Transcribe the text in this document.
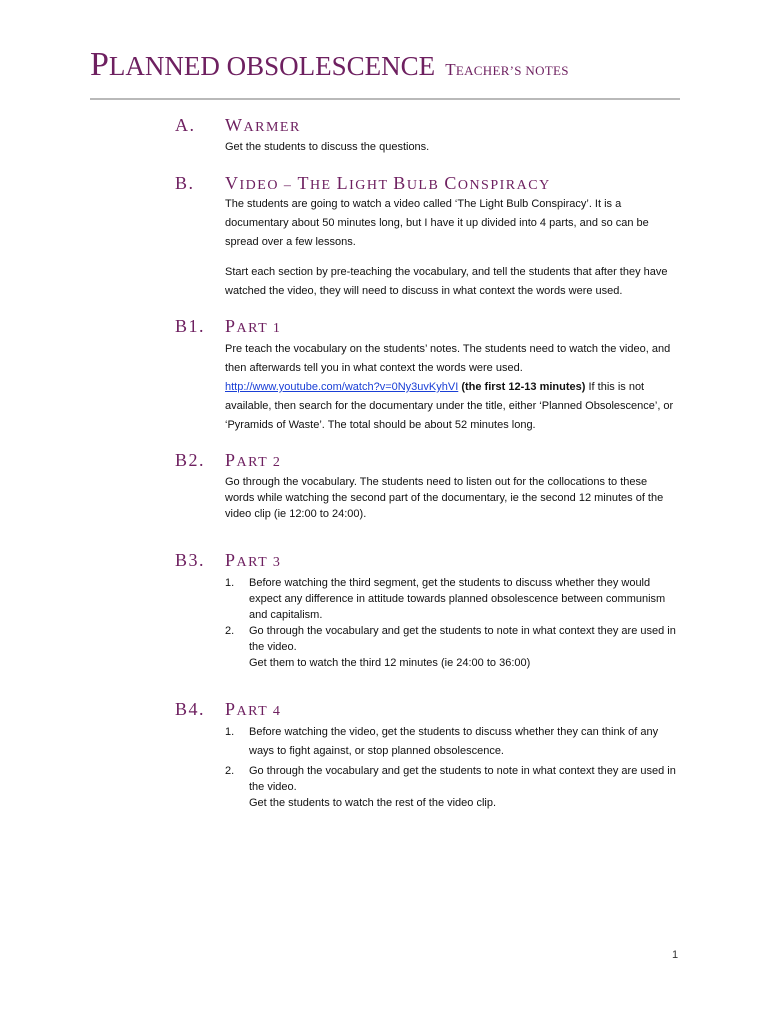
PLANNED OBSOLESCENCE TEACHER’S NOTES
A. WARMER

Get the students to discuss the questions.

B. VIDEO – THE LIGHT BULB CONSPIRACY

The students are going to watch a video called ‘The Light Bulb Conspiracy’. It is a documentary about 50 minutes long, but I have it up divided into 4 parts, and so can be spread over a few lessons.

Start each section by pre-teaching the vocabulary, and tell the students that after they have watched the video, they will need to discuss in what context the words were used.

B1. PART 1

Pre teach the vocabulary on the students’ notes. The students need to watch the video, and then afterwards tell you in what context the words were used. http://www.youtube.com/watch?v=0Ny3uvKyhVI (the first 12-13 minutes) If this is not available, then search for the documentary under the title, either ‘Planned Obsolescence’, or ‘Pyramids of Waste’. The total should be about 52 minutes long.

B2. PART 2

Go through the vocabulary. The students need to listen out for the collocations to these words while watching the second part of the documentary, ie the second 12 minutes of the video clip (ie 12:00 to 24:00).

B3. PART 3
1. Before watching the third segment, get the students to discuss whether they would expect any difference in attitude towards planned obsolescence between communism and capitalism.
2. Go through the vocabulary and get the students to note in what context they are used in the video.
Get them to watch the third 12 minutes (ie 24:00 to 36:00)
B4. PART 4
1. Before watching the video, get the students to discuss whether they can think of any ways to fight against, or stop planned obsolescence.
2. Go through the vocabulary and get the students to note in what context they are used in the video.
Get the students to watch the rest of the video clip.
1
